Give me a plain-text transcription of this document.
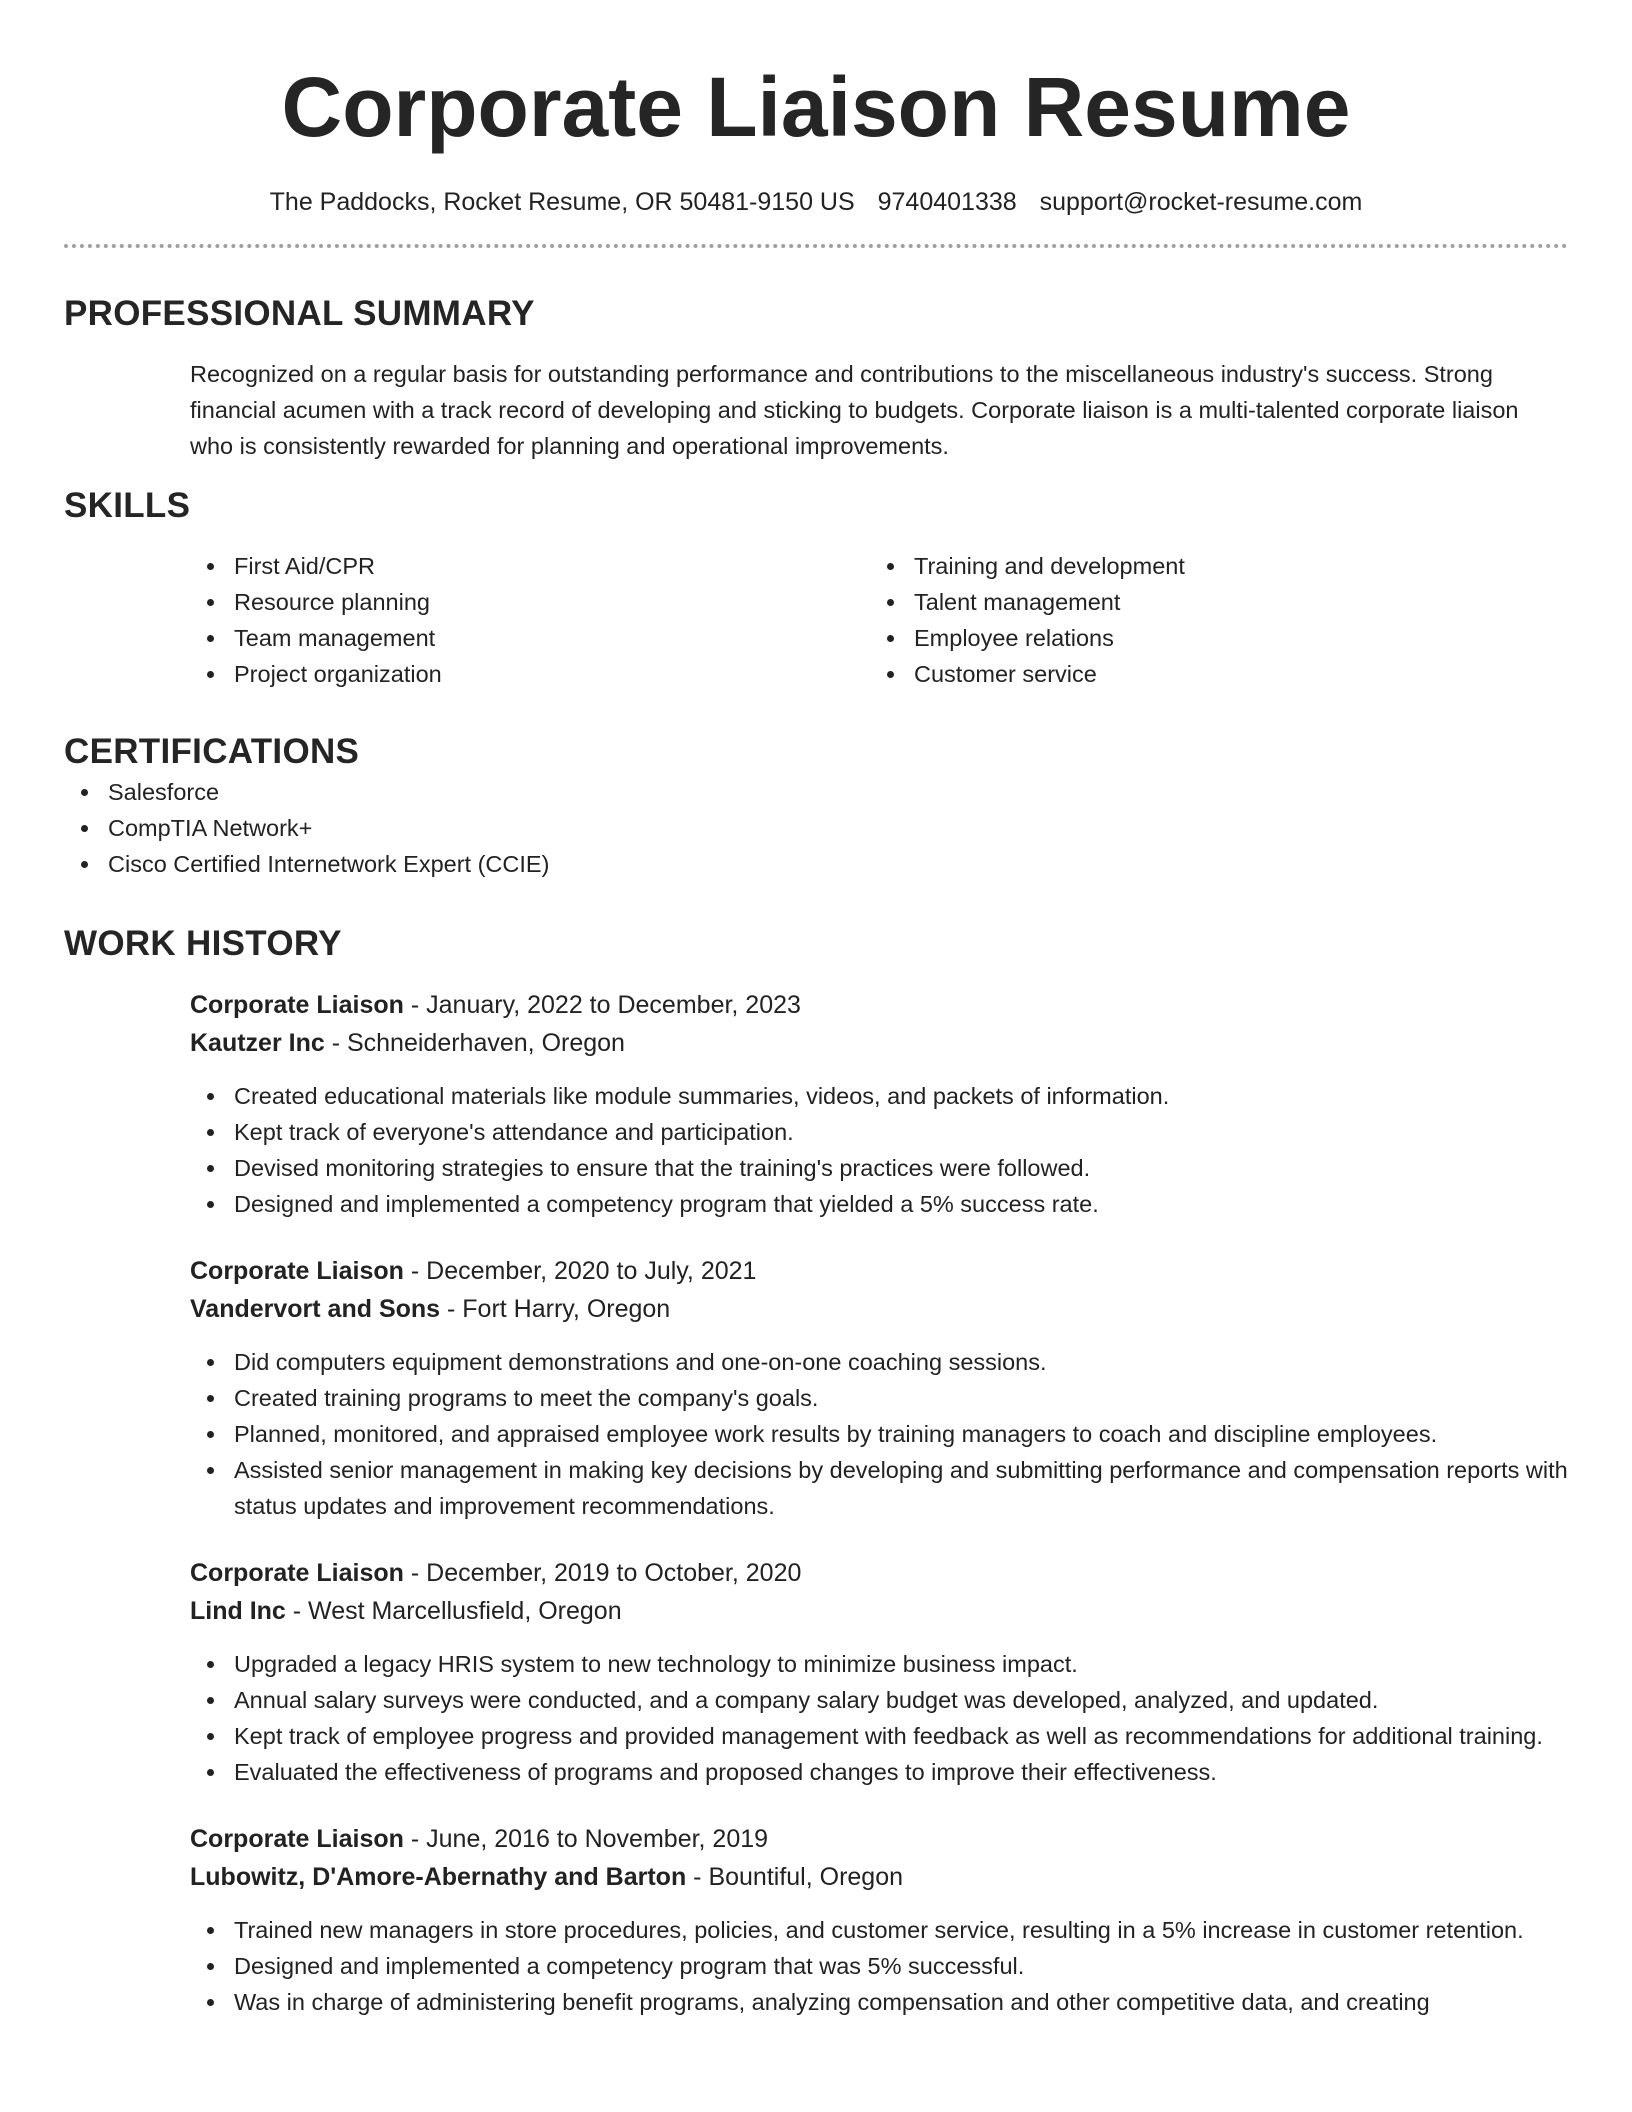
Corporate Liaison Resume
The Paddocks, Rocket Resume, OR 50481-9150 US 9740401338 support@rocket-resume.com
PROFESSIONAL SUMMARY

Recognized on a regular basis for outstanding performance and contributions to the miscellaneous industry's success. Strong financial acumen with a track record of developing and sticking to budgets. Corporate liaison is a multi-talented corporate liaison who is consistently rewarded for planning and operational improvements.

SKILLS
First Aid/CPR
Resource planning
Team management
Project organization
Training and development
Talent management
Employee relations
Customer service
CERTIFICATIONS
Salesforce
CompTIA Network+
Cisco Certified Internetwork Expert (CCIE)
WORK HISTORY
Corporate Liaison - January, 2022 to December, 2023
Kautzer Inc - Schneiderhaven, Oregon
Created educational materials like module summaries, videos, and packets of information.
Kept track of everyone's attendance and participation.
Devised monitoring strategies to ensure that the training's practices were followed.
Designed and implemented a competency program that yielded a 5% success rate.
Corporate Liaison - December, 2020 to July, 2021
Vandervort and Sons - Fort Harry, Oregon
Did computers equipment demonstrations and one-on-one coaching sessions.
Created training programs to meet the company's goals.
Planned, monitored, and appraised employee work results by training managers to coach and discipline employees.
Assisted senior management in making key decisions by developing and submitting performance and compensation reports with status updates and improvement recommendations.
Corporate Liaison - December, 2019 to October, 2020
Lind Inc - West Marcellusfield, Oregon
Upgraded a legacy HRIS system to new technology to minimize business impact.
Annual salary surveys were conducted, and a company salary budget was developed, analyzed, and updated.
Kept track of employee progress and provided management with feedback as well as recommendations for additional training.
Evaluated the effectiveness of programs and proposed changes to improve their effectiveness.
Corporate Liaison - June, 2016 to November, 2019
Lubowitz, D'Amore-Abernathy and Barton - Bountiful, Oregon
Trained new managers in store procedures, policies, and customer service, resulting in a 5% increase in customer retention.
Designed and implemented a competency program that was 5% successful.
Was in charge of administering benefit programs, analyzing compensation and other competitive data, and creating
